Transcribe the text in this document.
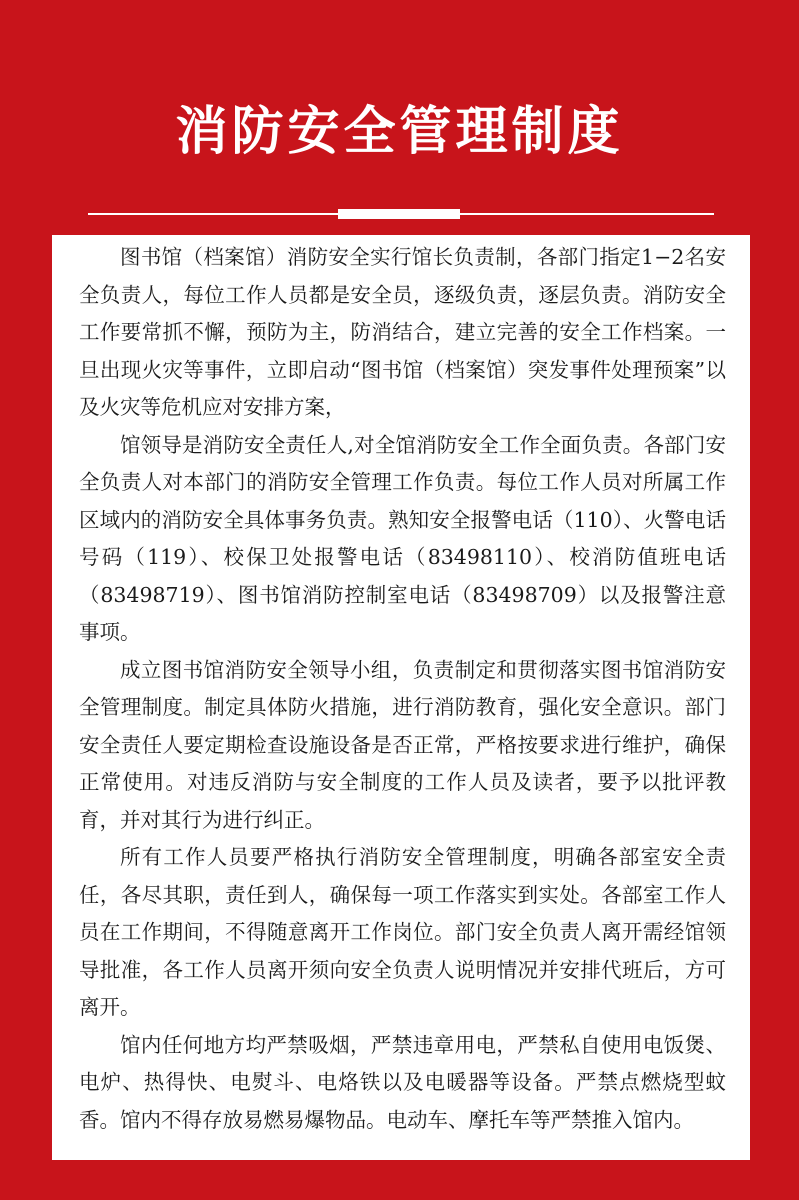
消防安全管理制度

图书馆（档案馆）消防安全实行馆长负责制，各部门指定1−2名安全负责人，每位工作人员都是安全员，逐级负责，逐层负责。消防安全工作要常抓不懈，预防为主，防消结合，建立完善的安全工作档案。一旦出现火灾等事件，立即启动“图书馆（档案馆）突发事件处理预案”以及火灾等危机应对安排方案，

馆领导是消防安全责任人,对全馆消防安全工作全面负责。各部门安全负责人对本部门的消防安全管理工作负责。每位工作人员对所属工作区域内的消防安全具体事务负责。熟知安全报警电话（110）、火警电话号码（119）、校保卫处报警电话（83498110）、校消防值班电话（83498719）、图书馆消防控制室电话（83498709）以及报警注意事项。

成立图书馆消防安全领导小组，负责制定和贯彻落实图书馆消防安全管理制度。制定具体防火措施，进行消防教育，强化安全意识。部门安全责任人要定期检查设施设备是否正常，严格按要求进行维护，确保正常使用。对违反消防与安全制度的工作人员及读者，要予以批评教育，并对其行为进行纠正。

所有工作人员要严格执行消防安全管理制度，明确各部室安全责任，各尽其职，责任到人，确保每一项工作落实到实处。各部室工作人员在工作期间，不得随意离开工作岗位。部门安全负责人离开需经馆领导批准，各工作人员离开须向安全负责人说明情况并安排代班后，方可离开。

馆内任何地方均严禁吸烟，严禁违章用电，严禁私自使用电饭煲、电炉、热得快、电熨斗、电烙铁以及电暖器等设备。严禁点燃烧型蚊香。馆内不得存放易燃易爆物品。电动车、摩托车等严禁推入馆内。
